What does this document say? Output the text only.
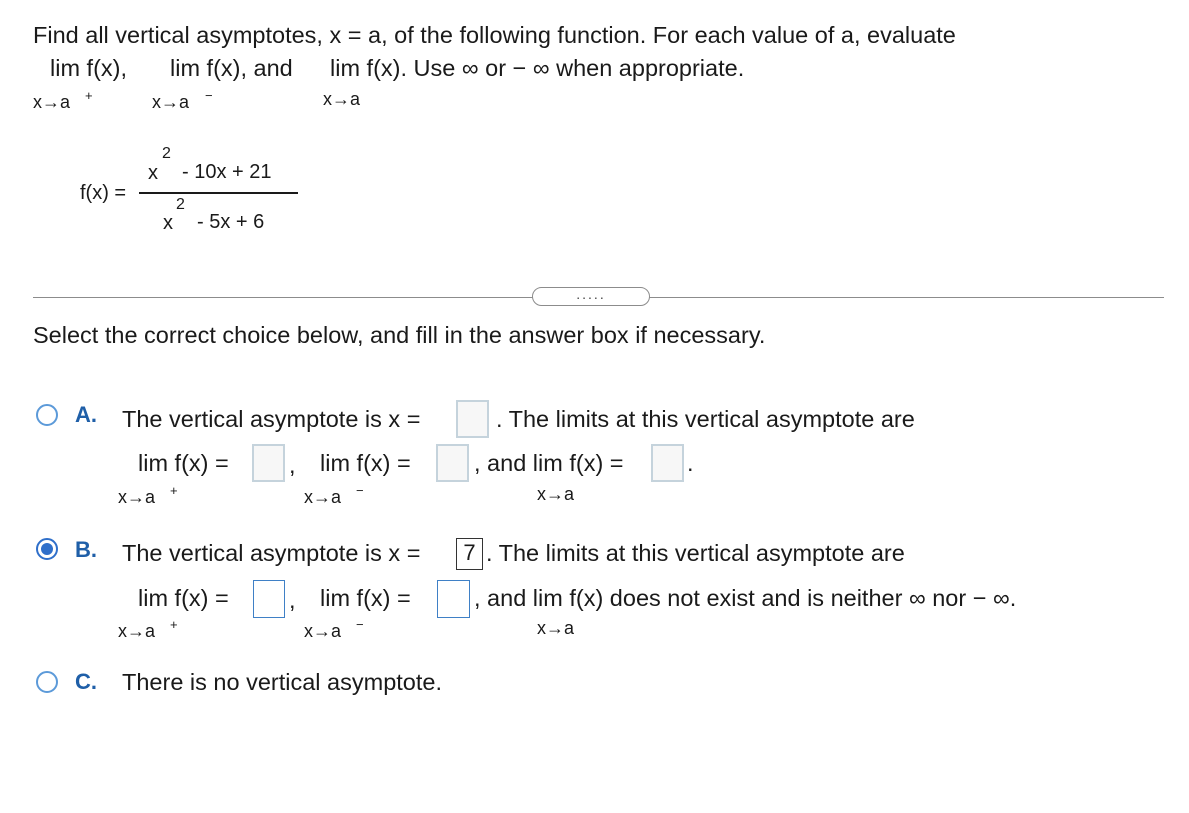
Find all vertical asymptotes, x = a, of the following function. For each value of a, evaluate
lim f(x), lim f(x), and lim f(x). Use ∞ or − ∞ when appropriate.
x→a +	x→a −	x→a
f(x) =
x
2
- 10x + 21
x
2
- 5x + 6
.....
Select the correct choice below, and fill in the answer box if necessary.
A. The vertical asymptote is x =	. The limits at this vertical asymptote are
lim f(x) =	, lim f(x) =	, and lim f(x) =	.
x→a +	x→a −	x→a
B. The vertical asymptote is x =	7 . The limits at this vertical asymptote are
lim f(x) =	, lim f(x) =	, and lim f(x) does not exist and is neither ∞ nor − ∞.
x→a +	x→a −	x→a
C. There is no vertical asymptote.
